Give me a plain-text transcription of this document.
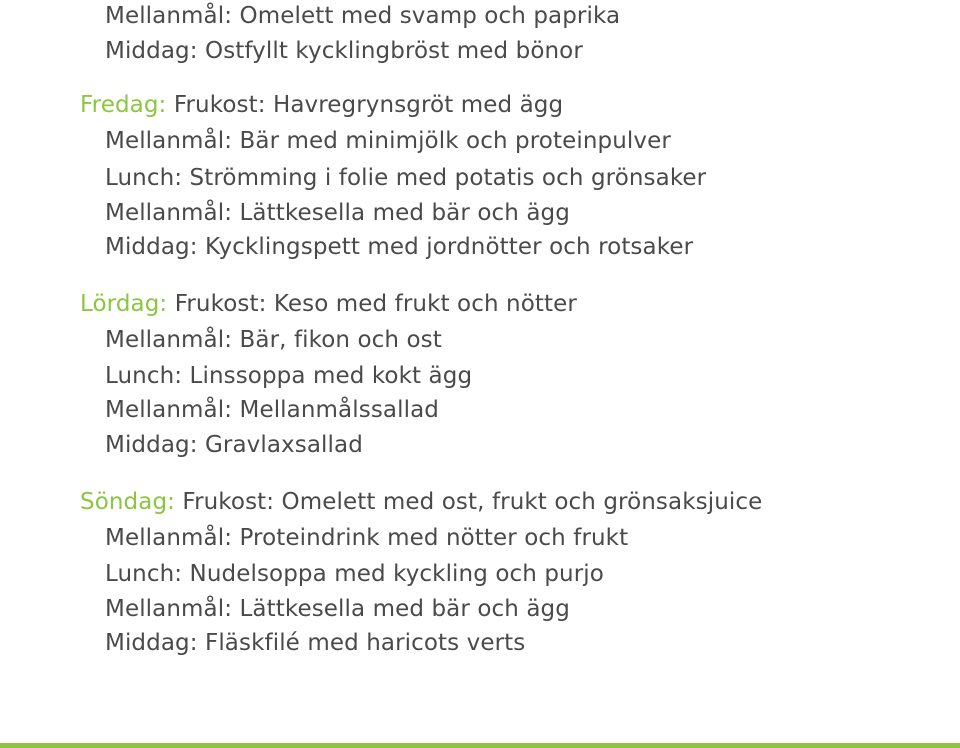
Mellanmål: Omelett med svamp och paprika
Middag: Ostfyllt kycklingbröst med bönor
Fredag: Frukost: Havregrynsgröt med ägg
Mellanmål: Bär med minimjölk och proteinpulver
Lunch: Strömming i folie med potatis och grönsaker
Mellanmål: Lättkesella med bär och ägg
Middag: Kycklingspett med jordnötter och rotsaker
Lördag: Frukost: Keso med frukt och nötter
Mellanmål: Bär, fikon och ost
Lunch: Linssoppa med kokt ägg
Mellanmål: Mellanmålssallad
Middag: Gravlaxsallad
Söndag: Frukost: Omelett med ost, frukt och grönsaksjuice
Mellanmål: Proteindrink med nötter och frukt
Lunch: Nudelsoppa med kyckling och purjo
Mellanmål: Lättkesella med bär och ägg
Middag: Fläskfilé med haricots verts
